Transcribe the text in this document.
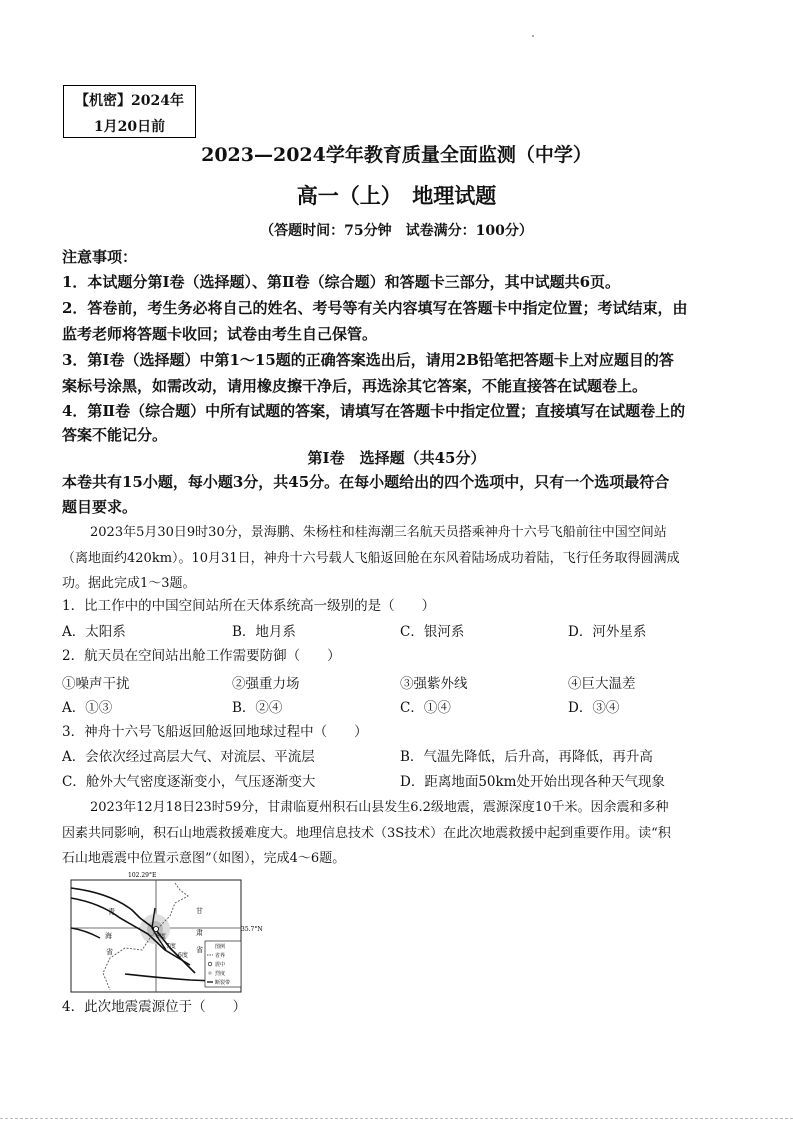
【机密】2024年
1月20日前
2023—2024学年教育质量全面监测（中学）
高一（上）　地理试题
（答题时间：75分钟　试卷满分：100分）
注意事项：
1．本试题分第Ⅰ卷（选择题）、第Ⅱ卷（综合题）和答题卡三部分，其中试题共6页。
2．答卷前，考生务必将自己的姓名、考号等有关内容填写在答题卡中指定位置；考试结束，由
监考老师将答题卡收回；试卷由考生自己保管。
3．第Ⅰ卷（选择题）中第1～15题的正确答案选出后，请用2B铅笔把答题卡上对应题目的答
案标号涂黑，如需改动，请用橡皮擦干净后，再选涂其它答案，不能直接答在试题卷上。
4．第Ⅱ卷（综合题）中所有试题的答案，请填写在答题卡中指定位置；直接填写在试题卷上的
答案不能记分。
第Ⅰ卷　选择题（共45分）
本卷共有15小题，每小题3分，共45分。在每小题给出的四个选项中，只有一个选项最符合
题目要求。
2023年5月30日9时30分，景海鹏、朱杨柱和桂海潮三名航天员搭乘神舟十六号飞船前往中国空间站
（离地面约420km）。10月31日，神舟十六号载人飞船返回舱在东风着陆场成功着陆，飞行任务取得圆满成
功。据此完成1～3题。
1．比工作中的中国空间站所在天体系统高一级别的是（　　）
A．太阳系	B．地月系	C．银河系	D．河外星系
2．航天员在空间站出舱工作需要防御（　　）
①噪声干扰	②强重力场	③强紫外线	④巨大温差
A．①③	B．②④	C．①④	D．③④
3．神舟十六号飞船返回舱返回地球过程中（　　）
A．会依次经过高层大气、对流层、平流层	B．气温先降低，后升高，再降低，再升高
C．舱外大气密度逐渐变小，气压逐渐变大	D．距离地面50km处开始出现各种天气现象
2023年12月18日23时59分，甘肃临夏州积石山县发生6.2级地震，震源深度10千米。因余震和多种
因素共同影响，积石山地震救援难度大。地理信息技术（3S技术）在此次地震救援中起到重要作用。读“积
石山地震震中位置示意图”（如图），完成4～6题。
102.29°E
35.7°N
青
海
省
甘
肃
省
8度
7度
6度
图例
省界
震中
烈度
断裂带
4．此次地震震源位于（　　）
